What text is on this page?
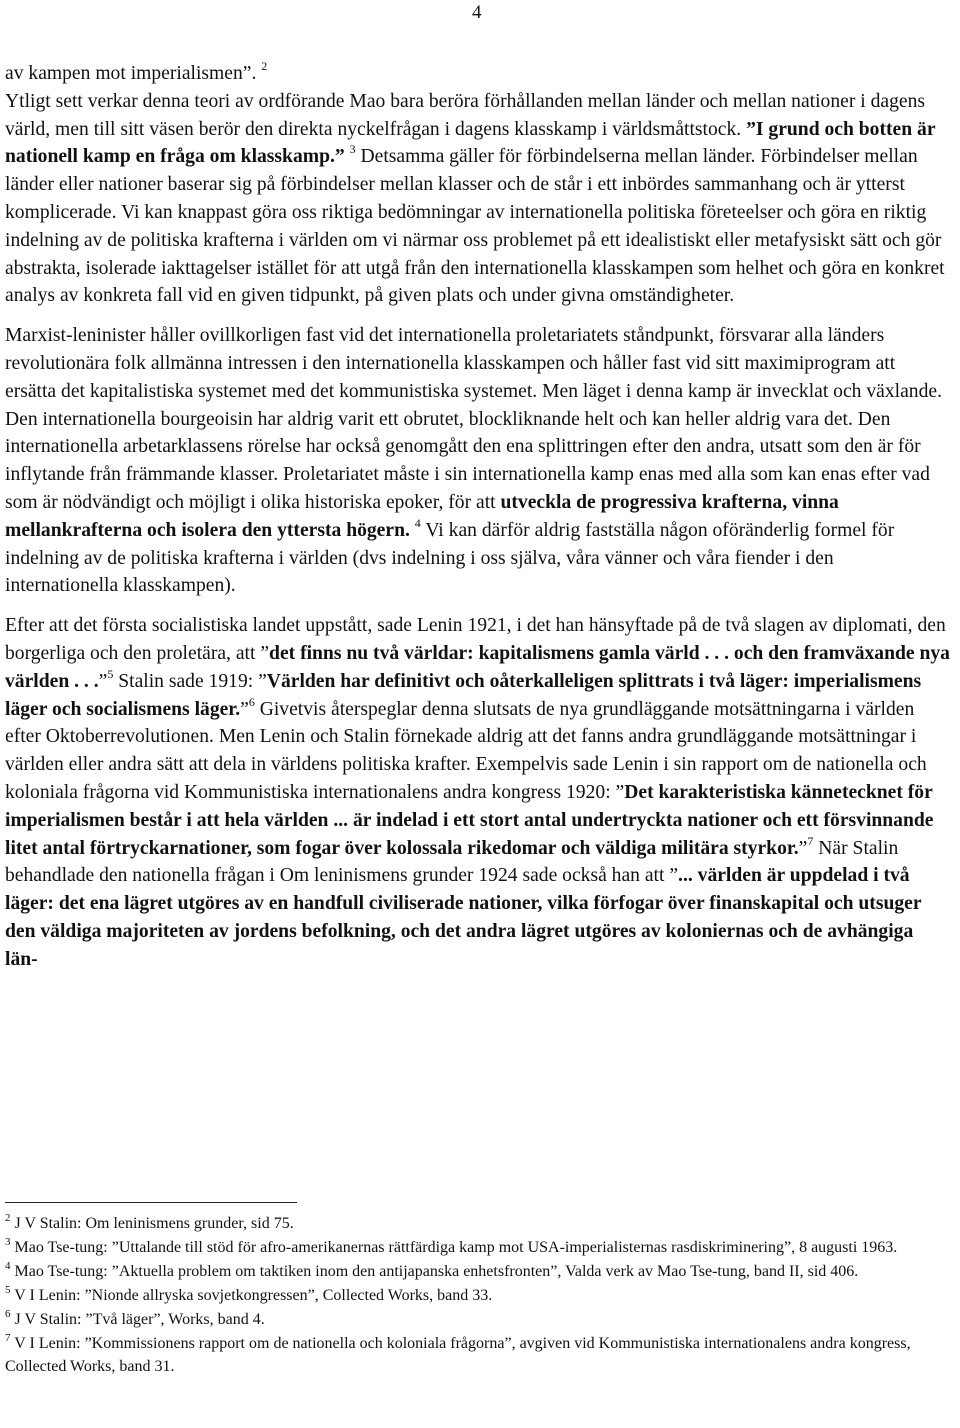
4

av kampen mot imperialismen”. $^2$

Ytligt sett verkar denna teori av ordförande Mao bara beröra förhållanden mellan länder och mellan nationer i dagens värld, men till sitt väsen berör den direkta nyckelfrågan i dagens klasskamp i världsmåttstock. ”I grund och botten är nationell kamp en fråga om klasskamp.” $^3$ Detsamma gäller för förbindelserna mellan länder. Förbindelser mellan länder eller nationer baserar sig på förbindelser mellan klasser och de står i ett inbördes sammanhang och är ytterst komplicerade. Vi kan knappast göra oss riktiga bedömningar av internationella politiska företeelser och göra en riktig indelning av de politiska krafterna i världen om vi närmar oss problemet på ett idealistiskt eller metafysiskt sätt och gör abstrakta, isolerade iakttagelser istället för att utgå från den internationella klasskampen som helhet och göra en konkret analys av konkreta fall vid en given tidpunkt, på given plats och under givna omständigheter.

Marxist-leninister håller ovillkorligen fast vid det internationella proletariatets ståndpunkt, försvarar alla länders revolutionära folk allmänna intressen i den internationella klasskampen och håller fast vid sitt maximiprogram att ersätta det kapitalistiska systemet med det kommunistiska systemet. Men läget i denna kamp är invecklat och växlande. Den internationella bourgeoisin har aldrig varit ett obrutet, blockliknande helt och kan heller aldrig vara det. Den internationella arbetarklassens rörelse har också genomgått den ena splittringen efter den andra, utsatt som den är för inflytande från främmande klasser. Proletariatet måste i sin internationella kamp enas med alla som kan enas efter vad som är nödvändigt och möjligt i olika historiska epoker, för att utveckla de progressiva krafterna, vinna mellankrafterna och isolera den yttersta högern. $^4$ Vi kan därför aldrig fastställa någon oföränderlig formel för indelning av de politiska krafterna i världen (dvs indelning i oss själva, våra vänner och våra fiender i den internationella klasskampen).

Efter att det första socialistiska landet uppstått, sade Lenin 1921, i det han hänsyftade på de två slagen av diplomati, den borgerliga och den proletära, att ”det finns nu två världar: kapitalismens gamla värld . . . och den framväxande nya världen . . .”$^5$ Stalin sade 1919: ”Världen har definitivt och oåterkalleligen splittrats i två läger: imperialismens läger och socialismens läger.”$^6$ Givetvis återspeglar denna slutsats de nya grundläggande motsättningarna i världen efter Oktoberrevolutionen. Men Lenin och Stalin förnekade aldrig att det fanns andra grundläggande motsättningar i världen eller andra sätt att dela in världens politiska krafter. Exempelvis sade Lenin i sin rapport om de nationella och koloniala frågorna vid Kommunistiska internationalens andra kongress 1920: ”Det karakteristiska kännetecknet för imperialismen består i att hela världen ... är indelad i ett stort antal undertryckta nationer och ett försvinnande litet antal förtryckarnationer, som fogar över kolossala rikedomar och väldiga militära styrkor.”$^7$ När Stalin behandlade den nationella frågan i Om leninismens grunder 1924 sade också han att ”... världen är uppdelad i två läger: det ena lägret utgöres av en handfull civiliserade nationer, vilka förfogar över finanskapital och utsuger den väldiga majoriteten av jordens befolkning, och det andra lägret utgöres av koloniernas och de avhängiga län-

$^2$ J V Stalin: Om leninismens grunder, sid 75.
$^3$ Mao Tse-tung: ”Uttalande till stöd för afro-amerikanernas rättfärdiga kamp mot USA-imperialisternas rasdiskriminering”, 8 augusti 1963.
$^4$ Mao Tse-tung: ”Aktuella problem om taktiken inom den antijapanska enhetsfronten”, Valda verk av Mao Tse-tung, band II, sid 406.
$^5$ V I Lenin: ”Nionde allryska sovjetkongressen”, Collected Works, band 33.
$^6$ J V Stalin: ”Två läger”, Works, band 4.
$^7$ V I Lenin: ”Kommissionens rapport om de nationella och koloniala frågorna”, avgiven vid Kommunistiska internationalens andra kongress, Collected Works, band 31.
